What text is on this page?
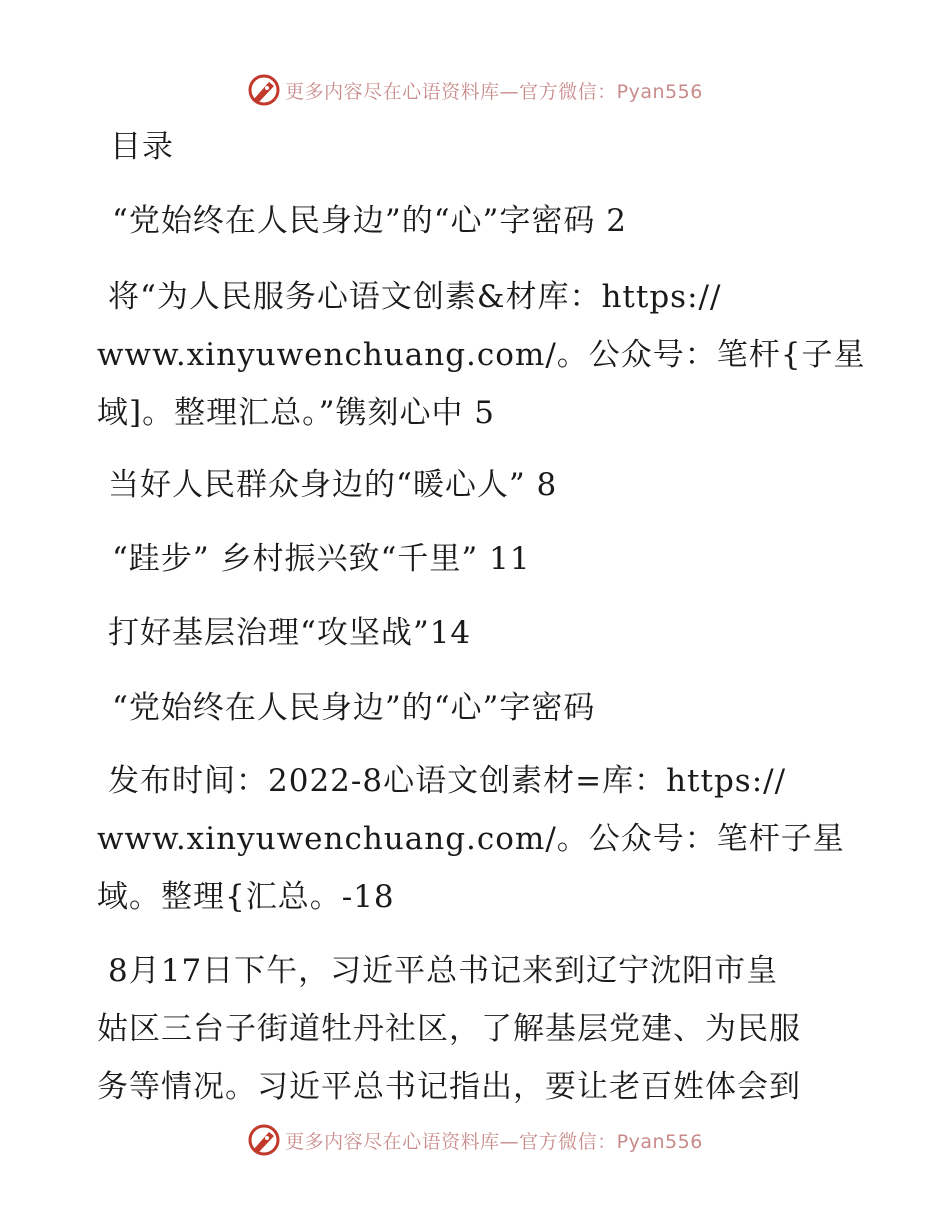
更多内容尽在心语资料库—官方微信：Pyan556
目录
“党始终在人民身边”的“心”字密码 2
将“为人民服务心语文创素&材库：https://
www.xinyuwenchuang.com/。公众号：笔杆{子星
域]。整理汇总。”镌刻心中 5
当好人民群众身边的“暖心人” 8
“跬步” 乡村振兴致“千里” 11
打好基层治理“攻坚战”14
“党始终在人民身边”的“心”字密码
发布时间：2022-8心语文创素材=库：https://
www.xinyuwenchuang.com/。公众号：笔杆子星
域。整理{汇总。-18
8月17日下午，习近平总书记来到辽宁沈阳市皇
姑区三台子街道牡丹社区，了解基层党建、为民服
务等情况。习近平总书记指出，要让老百姓体会到
更多内容尽在心语资料库—官方微信：Pyan556
